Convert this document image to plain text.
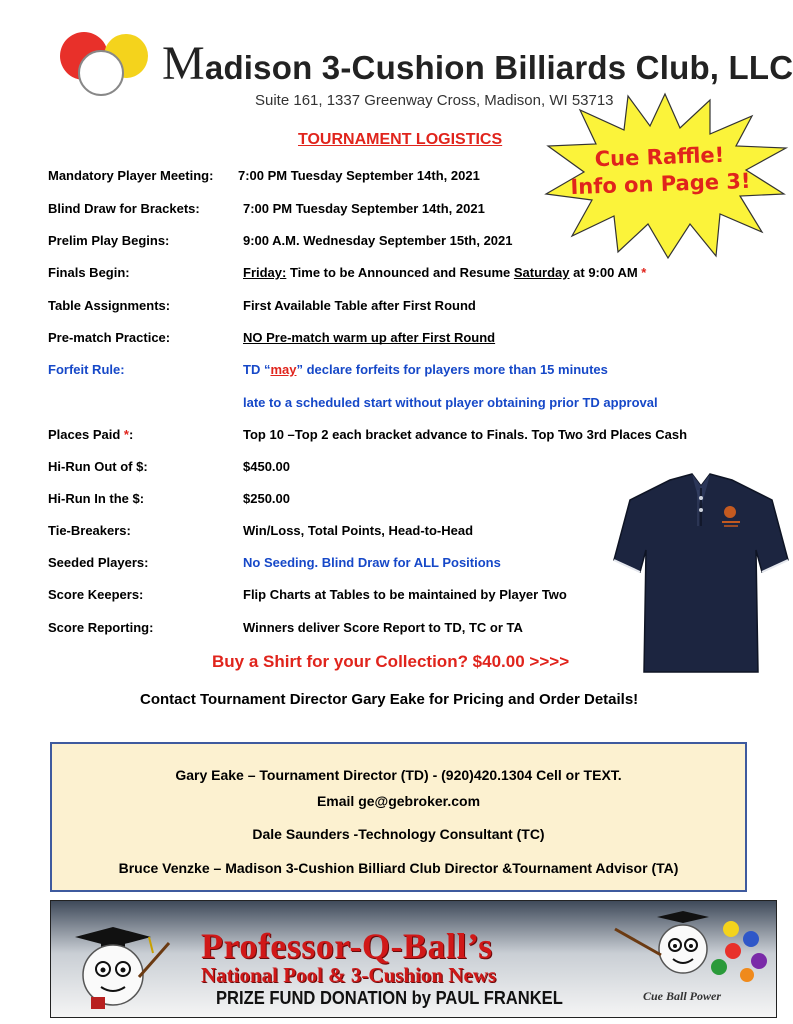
Madison 3-Cushion Billiards Club, LLC
Suite 161, 1337 Greenway Cross, Madison, WI 53713
Cue Raffle!
Info on Page 3!
TOURNAMENT LOGISTICS
Mandatory Player Meeting: 7:00 PM Tuesday September 14th, 2021
Blind Draw for Brackets:	7:00 PM Tuesday September 14th, 2021
Prelim Play Begins:	9:00 A.M. Wednesday September 15th, 2021
Finals Begin:	Friday: Time to be Announced and Resume Saturday at 9:00 AM *
Table Assignments:	First Available Table after First Round
Pre-match Practice:	NO Pre-match warm up after First Round
Forfeit Rule:	TD “may” declare forfeits for players more than 15 minutes
late to a scheduled start without player obtaining prior TD approval
Places Paid *:	Top 10 –Top 2 each bracket advance to Finals. Top Two 3rd Places Cash
Hi-Run Out of $:	$450.00
Hi-Run In the $:	$250.00
Tie-Breakers:	Win/Loss, Total Points, Head-to-Head
Seeded Players:	No Seeding. Blind Draw for ALL Positions
Score Keepers:	Flip Charts at Tables to be maintained by Player Two
Score Reporting:	Winners deliver Score Report to TD, TC or TA
Buy a Shirt for your Collection? $40.00 >>>>
Contact Tournament Director Gary Eake for Pricing and Order Details!
Gary Eake – Tournament Director (TD) - (920)420.1304 Cell or TEXT.
Email ge@gebroker.com
Dale Saunders -Technology Consultant (TC)
Bruce Venzke – Madison 3-Cushion Billiard Club Director &Tournament Advisor (TA)
Professor-Q-Ball’s
National Pool & 3-Cushion News
PRIZE FUND DONATION by PAUL FRANKEL	Cue Ball Power
